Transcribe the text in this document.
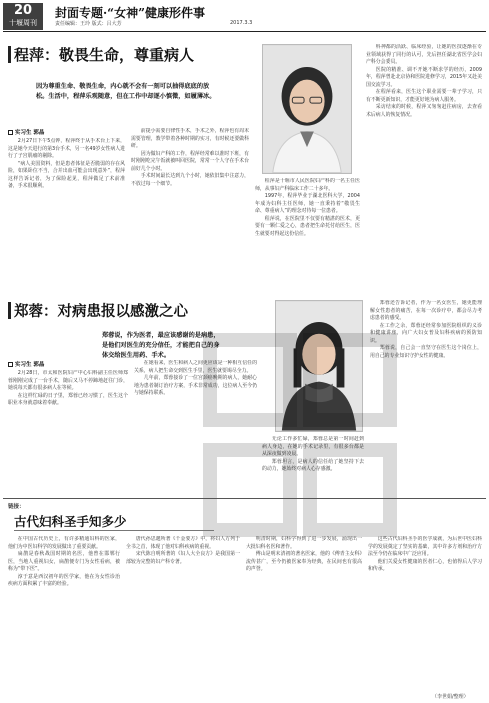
20
十堰周刊
封面专题·“女神”健康形件事
责任编辑：王玲 版式：吕大芳	2017.3.3
程萍：敬畏生命，尊重病人
因为尊重生命、敬畏生命，内心就不会有一刻可以抽得底底的放松。生活中，程萍乐观随意，但在工作中却逐小慎微，如履薄冰。
实习生 郭晶

2月27日下午5点钟，程萍终于从手术台上下来，这是她今天进行的第3台手术，另一名49岁女性病人进行了子宫肌瘤的剔除。

“病人美国资料，但是患者体征是否脆弱的存在风险，如果卧位不当，合并出血可能会出现意外”，程萍这样告诉记者，为了保险起见，程萍做足了术前准备，手术很顺利。

前提小需要自律性手术，手术之外，程萍也有周末需要管理，教学带着各种时期的实习，有时候还要做科研。

因为做妇产科的工作，程萍经常难以准时下班，有时刚刚吃完午饭就被叫回医院，常常一个人守在手术台前好几个小时。

手术时间最长达到九个小时，她依旧集中注意力，不放过每一个细节。	程萍是十堰市人民医院妇产科的一名主任医师，从事妇产科临床工作二十多年。

1997年，程萍毕业于湖北医科大学，2004年成为妇科主任医师，她一直秉持着“敬畏生命、尊重病人”的理念对待每一位患者。

程萍说，在医院里不仅要有精湛的医术，更要有一颗仁爱之心，患者把生命托付给医生，医生就要对得起这份信任。

科神都的活跃、临床经验，让她的医技逐渐在专业领域获得了同行的认可，先后担任湖北省医学会妇产科分会委员。

医院的精准、调不开她不断求学的经历，2009年，程萍曾赴北京协和医院进修学习，2015年又赴美国交流学习。

在程萍看来，医生这个职业需要一辈子学习，只有不断更新知识，才能更好地为病人服务。

采访结束的时候，程萍又匆匆赶往病房，去查看术后病人的恢复情况。

郑蓉：对病患报以感激之心
郑蓉说，作为医者，最应该感谢的是病患，是他们对医生的充分信任，才能把自己的身体交给医生用药、手术。
实习生 郭晶

2月28日，市太和医院妇产中心妇科副主任医师郑蓉刚刚完成了一台手术，随后又马不停蹄地赶往门诊，她说每天都有很多病人在等候。

在这样忙碌的日子里，郑蓉已经习惯了，医生这个职业本身就意味着奉献。

在她看来，医生和病人之间更应该是一种相互信任的关系，病人把生命交到医生手里，医生就要竭尽全力。

几年前，郑蓉接诊了一位宫颈癌晚期的病人，她耐心地为患者制订治疗方案，手术非常成功，这位病人至今仍与她保持联系。

无论工作多忙碌，郑蓉总是第一时间赶到病人身边，在她的手术记录里，有很多台都是从深夜做到凌晨。

郑蓉坦言，是病人的信任给了她坚持下去的动力，她始终对病人心存感激。

郑蓉还告诉记者，作为一名女医生，她更能理解女性患者的痛苦，在每一次诊疗中，都会尽力考虑患者的感受。

在工作之余，郑蓉还经常参加医院组织的义诊和健康讲座，向广大妇女普及妇科疾病的预防知识。

郑蓉说，自己会一直坚守在医生这个岗位上，用自己的专业知识守护女性的健康。

链接：
古代妇科圣手知多少

在中国古代历史上，有许多精通妇科的医家，他们为中医妇科学的发展做出了重要贡献。

扁鹊是春秋战国时期的名医，他曾在邯郸行医，当地人重视妇女，扁鹊便专门为女性看病，被称为“带下医”。

淳于意是西汉初年的医学家，他在为女性诊治疾病方面积累了丰富的经验。

唐代孙思邈所著《千金要方》中，将妇人方列于全书之首，体现了他对妇科疾病的重视。

宋代陈自明所著的《妇人大全良方》是我国第一部较为完整的妇产科专著。

明清时期，妇科学得到了进一步发展，涌现出一大批妇科名医和著作。

傅山是明末清初的著名医家，他的《傅青主女科》流传甚广，至今仍被医家奉为经典，在民间也有很高的声誉。

这些古代妇科圣手的医学成就，为后世中医妇科学的发展奠定了坚实的基础，其中许多方剂和治疗方法至今仍在临床中广泛应用。

他们关爱女性健康的医者仁心，也值得后人学习和传承。

（李世娟/整理）
